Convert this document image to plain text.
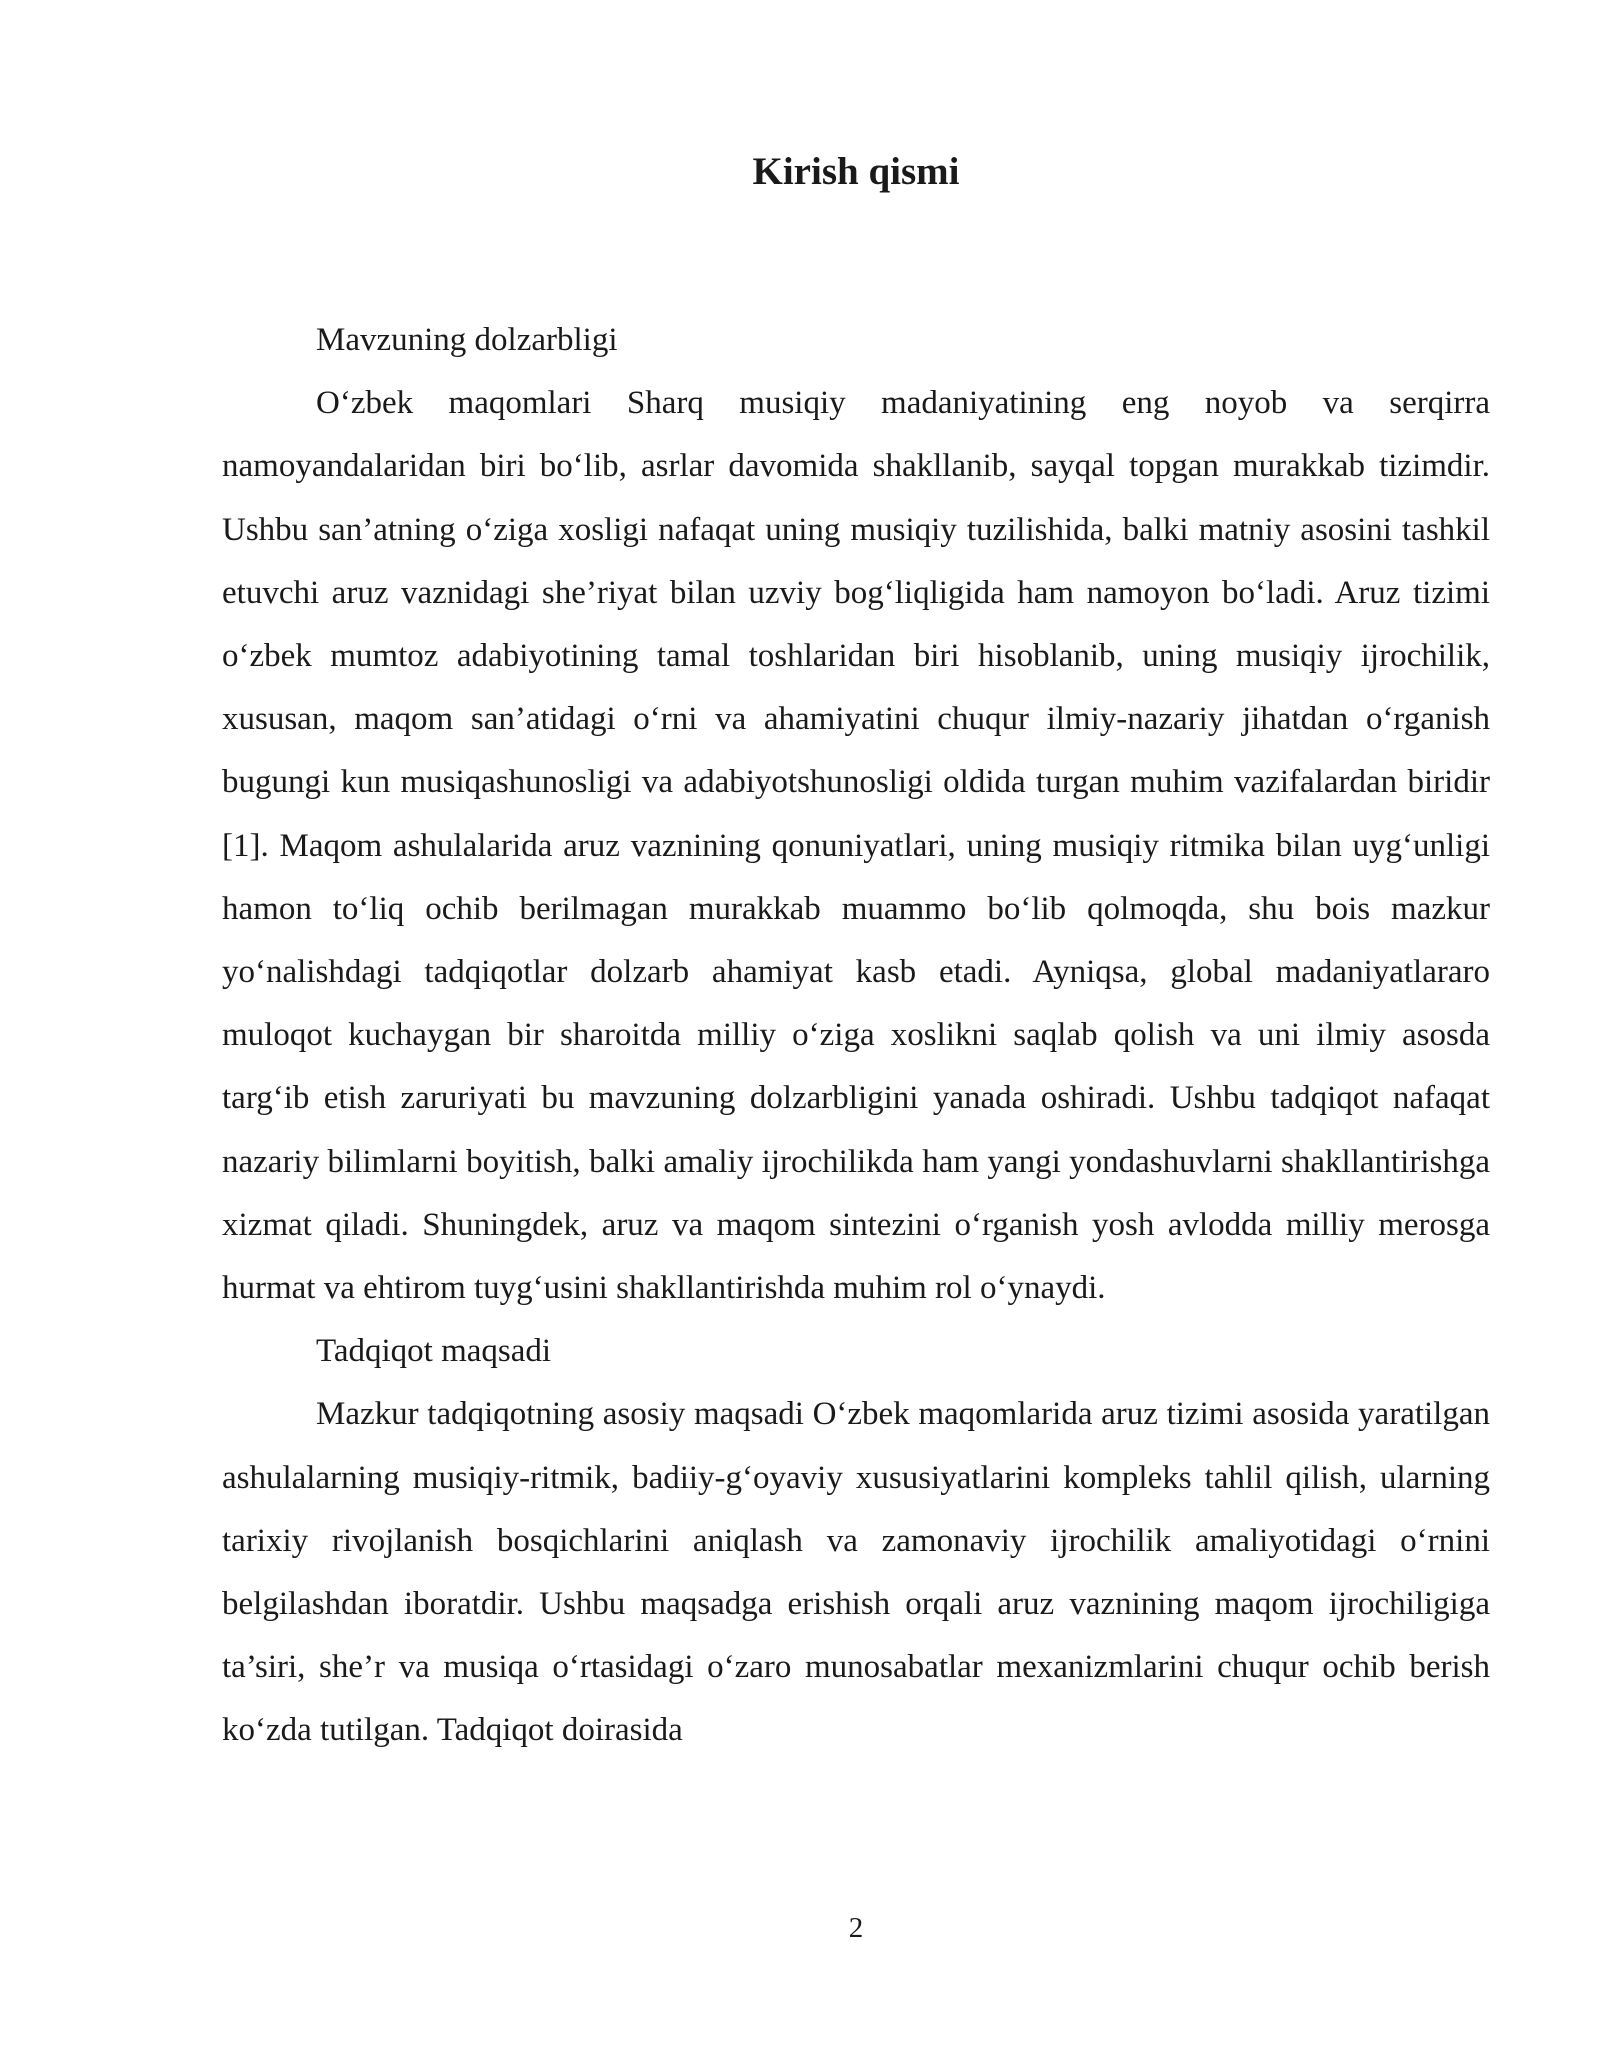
Kirish qismi

Mavzuning dolzarbligi

O‘zbek maqomlari Sharq musiqiy madaniyatining eng noyob va serqirra namoyandalaridan biri bo‘lib, asrlar davomida shakllanib, sayqal topgan murakkab tizimdir. Ushbu san’atning o‘ziga xosligi nafaqat uning musiqiy tuzilishida, balki matniy asosini tashkil etuvchi aruz vaznidagi she’riyat bilan uzviy bog‘liqligida ham namoyon bo‘ladi. Aruz tizimi o‘zbek mumtoz adabiyotining tamal toshlaridan biri hisoblanib, uning musiqiy ijrochilik, xususan, maqom san’atidagi o‘rni va ahamiyatini chuqur ilmiy-nazariy jihatdan o‘rganish bugungi kun musiqashunosligi va adabiyotshunosligi oldida turgan muhim vazifalardan biridir [1]. Maqom ashulalarida aruz vaznining qonuniyatlari, uning musiqiy ritmika bilan uyg‘unligi hamon to‘liq ochib berilmagan murakkab muammo bo‘lib qolmoqda, shu bois mazkur yo‘nalishdagi tadqiqotlar dolzarb ahamiyat kasb etadi. Ayniqsa, global madaniyatlararo muloqot kuchaygan bir sharoitda milliy o‘ziga xoslikni saqlab qolish va uni ilmiy asosda targ‘ib etish zaruriyati bu mavzuning dolzarbligini yanada oshiradi. Ushbu tadqiqot nafaqat nazariy bilimlarni boyitish, balki amaliy ijrochilikda ham yangi yondashuvlarni shakllantirishga xizmat qiladi. Shuningdek, aruz va maqom sintezini o‘rganish yosh avlodda milliy merosga hurmat va ehtirom tuyg‘usini shakllantirishda muhim rol o‘ynaydi.

Tadqiqot maqsadi

Mazkur tadqiqotning asosiy maqsadi O‘zbek maqomlarida aruz tizimi asosida yaratilgan ashulalarning musiqiy-ritmik, badiiy-g‘oyaviy xususiyatlarini kompleks tahlil qilish, ularning tarixiy rivojlanish bosqichlarini aniqlash va zamonaviy ijrochilik amaliyotidagi o‘rnini belgilashdan iboratdir. Ushbu maqsadga erishish orqali aruz vaznining maqom ijrochiligiga ta’siri, she’r va musiqa o‘rtasidagi o‘zaro munosabatlar mexanizmlarini chuqur ochib berish ko‘zda tutilgan. Tadqiqot doirasida

2
